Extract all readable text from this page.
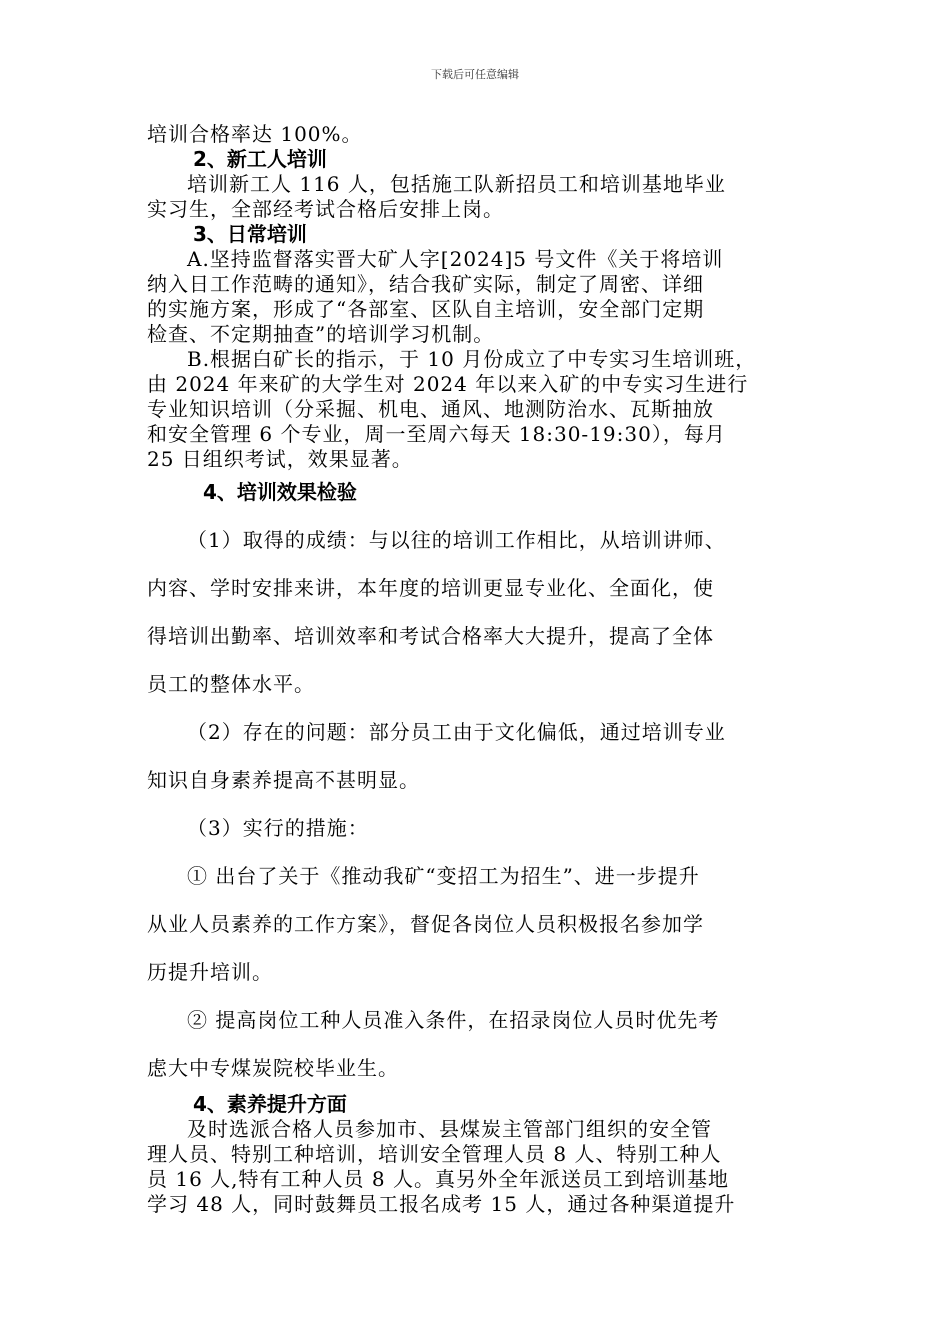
下载后可任意编辑

培训合格率达 100%。

2、新工人培训

培训新工人 116 人，包括施工队新招员工和培训基地毕业

实习生，全部经考试合格后安排上岗。

3、日常培训

A.坚持监督落实晋大矿人字[2024]5 号文件《关于将培训

纳入日工作范畴的通知》，结合我矿实际，制定了周密、详细

的实施方案，形成了“各部室、区队自主培训，安全部门定期

检查、不定期抽查”的培训学习机制。

B.根据白矿长的指示，于 10 月份成立了中专实习生培训班，

由 2024 年来矿的大学生对 2024 年以来入矿的中专实习生进行

专业知识培训（分采掘、机电、通风、地测防治水、瓦斯抽放

和安全管理 6 个专业，周一至周六每天 18:30-19:30），每月

25 日组织考试，效果显著。

4、培训效果检验

（1）取得的成绩：与以往的培训工作相比，从培训讲师、

内容、学时安排来讲，本年度的培训更显专业化、全面化，使

得培训出勤率、培训效率和考试合格率大大提升，提高了全体

员工的整体水平。

（2）存在的问题：部分员工由于文化偏低，通过培训专业

知识自身素养提高不甚明显。

（3）实行的措施：

① 出台了关于《推动我矿“变招工为招生”、进一步提升

从业人员素养的工作方案》，督促各岗位人员积极报名参加学

历提升培训。

② 提高岗位工种人员准入条件，在招录岗位人员时优先考

虑大中专煤炭院校毕业生。

4、素养提升方面

及时选派合格人员参加市、县煤炭主管部门组织的安全管

理人员、特别工种培训，培训安全管理人员 8 人、特别工种人

员 16 人,特有工种人员 8 人。真另外全年派送员工到培训基地

学习 48 人，同时鼓舞员工报名成考 15 人，通过各种渠道提升
